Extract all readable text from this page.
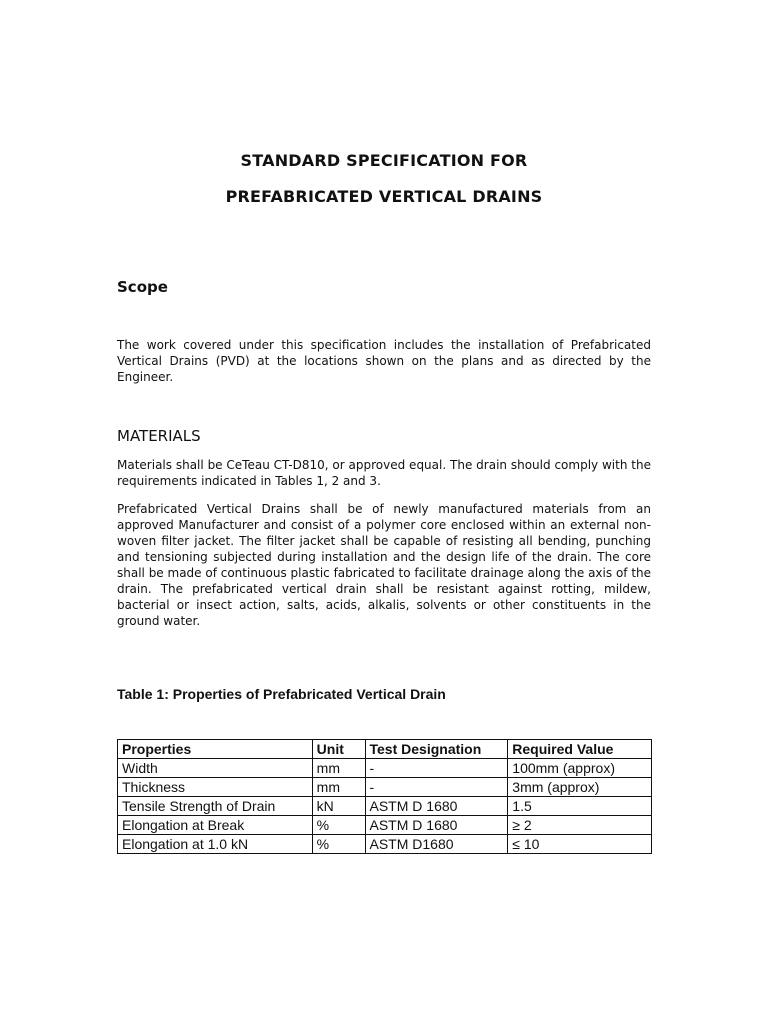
STANDARD SPECIFICATION FOR
PREFABRICATED VERTICAL DRAINS
Scope
The work covered under this specification includes the installation of Prefabricated Vertical Drains (PVD) at the locations shown on the plans and as directed by the Engineer.
MATERIALS
Materials shall be CeTeau CT-D810, or approved equal. The drain should comply with the requirements indicated in Tables 1, 2 and 3.
Prefabricated Vertical Drains shall be of newly manufactured materials from an approved Manufacturer and consist of a polymer core enclosed within an external non-woven filter jacket. The filter jacket shall be capable of resisting all bending, punching and tensioning subjected during installation and the design life of the drain. The core shall be made of continuous plastic fabricated to facilitate drainage along the axis of the drain. The prefabricated vertical drain shall be resistant against rotting, mildew, bacterial or insect action, salts, acids, alkalis, solvents or other constituents in the ground water.
Table 1: Properties of Prefabricated Vertical Drain
Properties	Unit	Test Designation	Required Value
Width	mm	-	100mm (approx)
Thickness	mm	-	3mm (approx)
Tensile Strength of Drain	kN	ASTM D 1680	1.5
Elongation at Break	%	ASTM D 1680	≥ 2
Elongation at 1.0 kN	%	ASTM D1680	≤ 10
